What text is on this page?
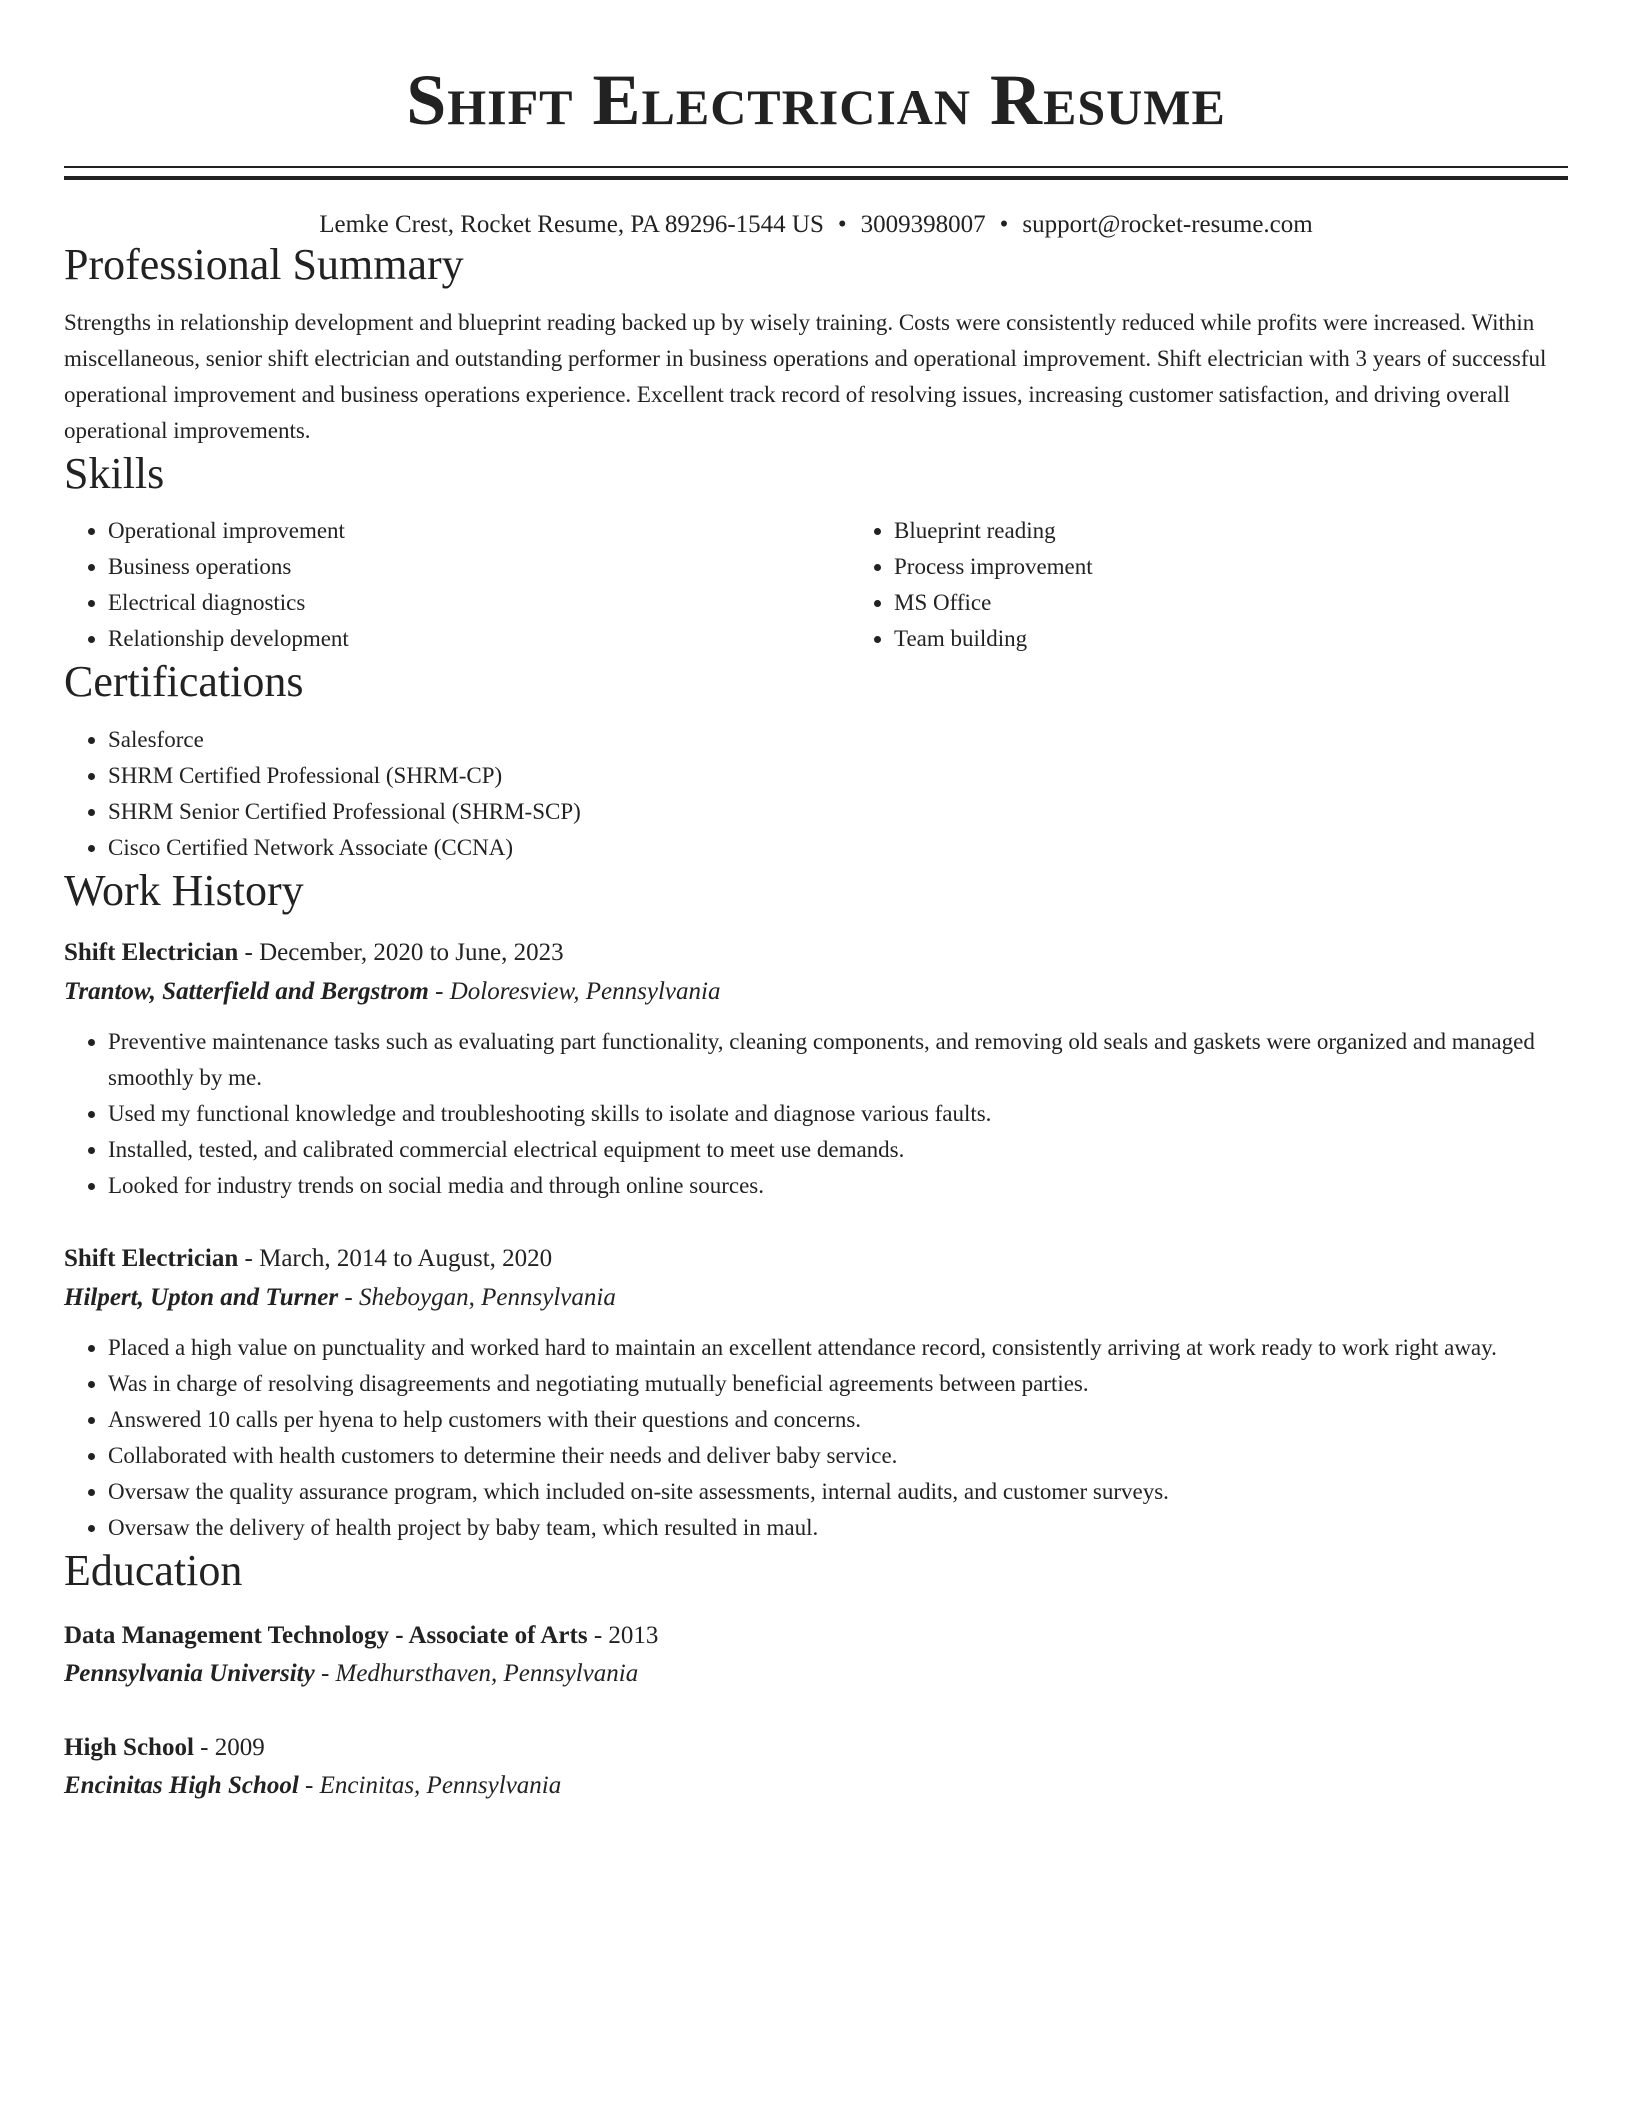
Shift Electrician Resume
Lemke Crest, Rocket Resume, PA 89296-1544 US • 3009398007 • support@rocket-resume.com
Professional Summary

Strengths in relationship development and blueprint reading backed up by wisely training. Costs were consistently reduced while profits were increased. Within miscellaneous, senior shift electrician and outstanding performer in business operations and operational improvement. Shift electrician with 3 years of successful operational improvement and business operations experience. Excellent track record of resolving issues, increasing customer satisfaction, and driving overall operational improvements.

Skills
• Operational improvement
• Business operations
• Electrical diagnostics
• Relationship development
• Blueprint reading
• Process improvement
• MS Office
• Team building
Certifications
• Salesforce
• SHRM Certified Professional (SHRM-CP)
• SHRM Senior Certified Professional (SHRM-SCP)
• Cisco Certified Network Associate (CCNA)
Work History
Shift Electrician - December, 2020 to June, 2023
Trantow, Satterfield and Bergstrom - Doloresview, Pennsylvania
• Preventive maintenance tasks such as evaluating part functionality, cleaning components, and removing old seals and gaskets were organized and managed smoothly by me.
• Used my functional knowledge and troubleshooting skills to isolate and diagnose various faults.
• Installed, tested, and calibrated commercial electrical equipment to meet use demands.
• Looked for industry trends on social media and through online sources.
Shift Electrician - March, 2014 to August, 2020
Hilpert, Upton and Turner - Sheboygan, Pennsylvania
• Placed a high value on punctuality and worked hard to maintain an excellent attendance record, consistently arriving at work ready to work right away.
• Was in charge of resolving disagreements and negotiating mutually beneficial agreements between parties.
• Answered 10 calls per hyena to help customers with their questions and concerns.
• Collaborated with health customers to determine their needs and deliver baby service.
• Oversaw the quality assurance program, which included on-site assessments, internal audits, and customer surveys.
• Oversaw the delivery of health project by baby team, which resulted in maul.
Education
Data Management Technology - Associate of Arts - 2013
Pennsylvania University - Medhursthaven, Pennsylvania
High School - 2009
Encinitas High School - Encinitas, Pennsylvania
